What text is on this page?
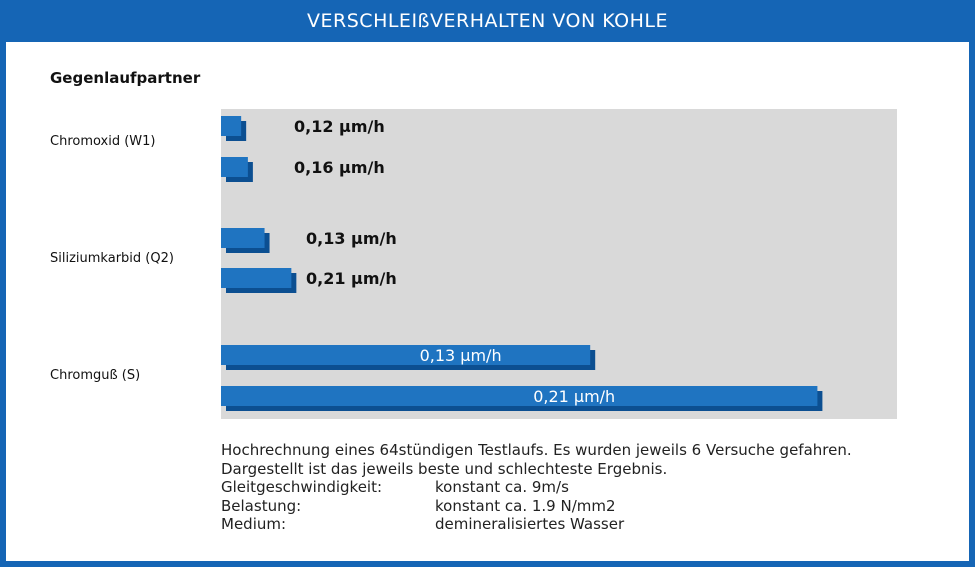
VERSCHLEIßVERHALTEN VON KOHLE
Gegenlaufpartner
Chromoxid (W1)
Siliziumkarbid (Q2)
Chromguß (S)
0,12 µm/h
0,16 µm/h
0,13 µm/h
0,21 µm/h
0,13 µm/h
0,21 µm/h
Hochrechnung eines 64stündigen Testlaufs. Es wurden jeweils 6 Versuche gefahren.
Dargestellt ist das jeweils beste und schlechteste Ergebnis.
Gleitgeschwindigkeit:	konstant ca. 9m/s
Belastung:	konstant ca. 1.9 N/mm2
Medium:	demineralisiertes Wasser
